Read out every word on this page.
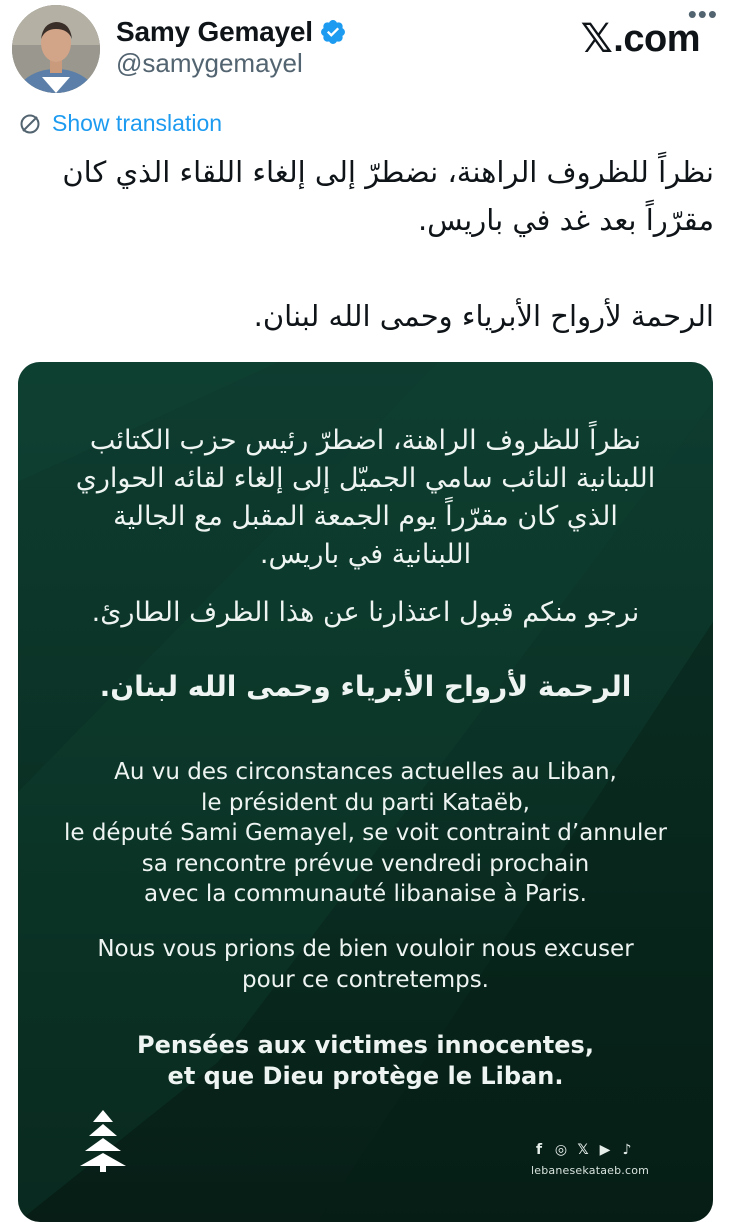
Samy Gemayel
@samygemayel
•••
𝕏 .com
Show translation

نظراً للظروف الراهنة، نضطرّ إلى إلغاء اللقاء الذي كان مقرّراً بعد غد في باريس.

الرحمة لأرواح الأبرياء وحمى الله لبنان.

نظراً للظروف الراهنة، اضطرّ رئيس حزب الكتائب
اللبنانية النائب سامي الجميّل إلى إلغاء لقائه الحواري
الذي كان مقرّراً يوم الجمعة المقبل مع الجالية
اللبنانية في باريس.
نرجو منكم قبول اعتذارنا عن هذا الظرف الطارئ.
الرحمة لأرواح الأبرياء وحمى الله لبنان.
Au vu des circonstances actuelles au Liban,
le président du parti Kataëb,
le député Sami Gemayel, se voit contraint d’annuler
sa rencontre prévue vendredi prochain
avec la communauté libanaise à Paris.
Nous vous prions de bien vouloir nous excuser
pour ce contretemps.
Pensées aux victimes innocentes,
et que Dieu protège le Liban.
f ◎ 𝕏 ▶ ♪
lebanesekataeb.com
